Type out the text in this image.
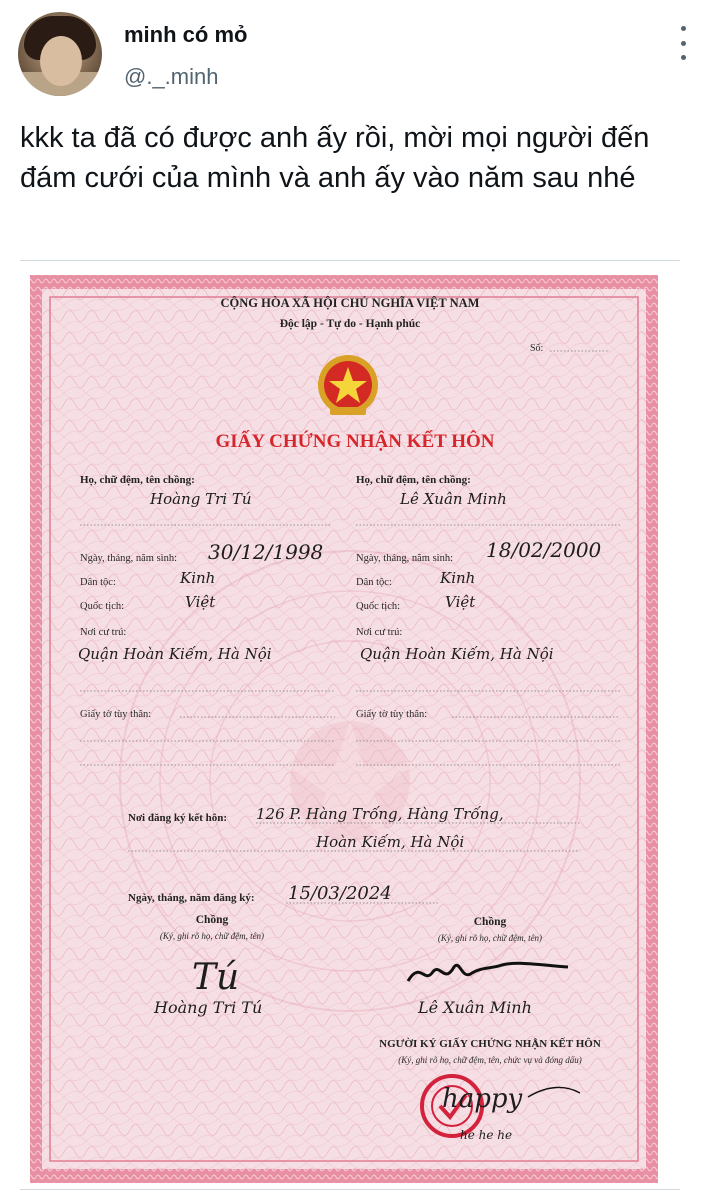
minh có mỏ
@._.minh
kkk ta đã có được anh ấy rồi, mời mọi người đến đám cưới của mình và anh ấy vào năm sau nhé
CỘNG HÒA XÃ HỘI CHỦ NGHĨA VIỆT NAM
Độc lập - Tự do - Hạnh phúc
Số:
GIẤY CHỨNG NHẬN KẾT HÔN
Họ, chữ đệm, tên chồng:
Hoàng Tri Tú
Ngày, tháng, năm sinh: 30/12/1998
Dân tộc:	Kinh
Quốc tịch:	Việt
Nơi cư trú:
Quận Hoàn Kiếm, Hà Nội
Giấy tờ tùy thân:
Họ, chữ đệm, tên chồng:
Lê Xuân Minh
Ngày, tháng, năm sinh: 18/02/2000
Dân tộc:	Kinh
Quốc tịch:	Việt
Nơi cư trú:
Quận Hoàn Kiếm, Hà Nội
Giấy tờ tùy thân:
Nơi đăng ký kết hôn: 126 P. Hàng Trống, Hàng Trống,
Hoàn Kiếm, Hà Nội
Ngày, tháng, năm đăng ký: 15/03/2024
Chồng
(Ký, ghi rõ họ, chữ đệm, tên)
Tú
Hoàng Tri Tú
Chồng
(Ký, ghi rõ họ, chữ đệm, tên)
Lê Xuân Minh
NGƯỜI KÝ GIẤY CHỨNG NHẬN KẾT HÔN
(Ký, ghi rõ họ, chữ đệm, tên, chức vụ và đóng dấu)
happy
he he he
